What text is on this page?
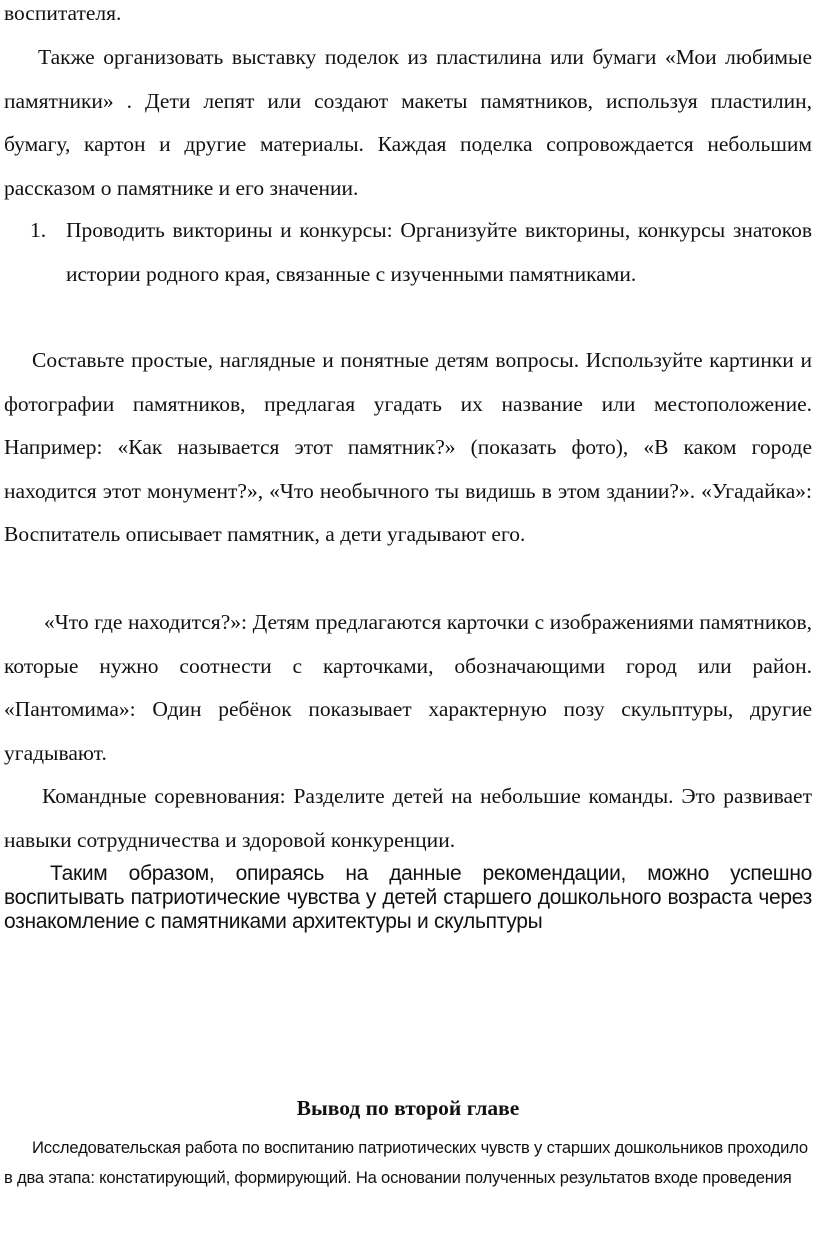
воспитателя.

Также организовать выставку поделок из пластилина или бумаги «Мои любимые памятники» . Дети лепят или создают макеты памятников, используя пластилин, бумагу, картон и другие материалы. Каждая поделка сопровождается небольшим рассказом о памятнике и его значении.

1. Проводить викторины и конкурсы: Организуйте викторины, конкурсы знатоков истории родного края, связанные с изученными памятниками.

Составьте простые, наглядные и понятные детям вопросы. Используйте картинки и фотографии памятников, предлагая угадать их название или местоположение. Например: «Как называется этот памятник?» (показать фото), «В каком городе находится этот монумент?», «Что необычного ты видишь в этом здании?». «Угадайка»: Воспитатель описывает памятник, а дети угадывают его.

«Что где находится?»: Детям предлагаются карточки с изображениями памятников, которые нужно соотнести с карточками, обозначающими город или район. «Пантомима»: Один ребёнок показывает характерную позу скульптуры, другие угадывают.

Командные соревнования: Разделите детей на небольшие команды. Это развивает навыки сотрудничества и здоровой конкуренции.

Таким образом, опираясь на данные рекомендации, можно успешно воспитывать патриотические чувства у детей старшего дошкольного возраста через ознакомление с памятниками архитектуры и скульптуры

Вывод по второй главе

Исследовательская работа по воспитанию патриотических чувств у старших дошкольников проходило в два этапа: констатирующий, формирующий. На основании полученных результатов входе проведения
